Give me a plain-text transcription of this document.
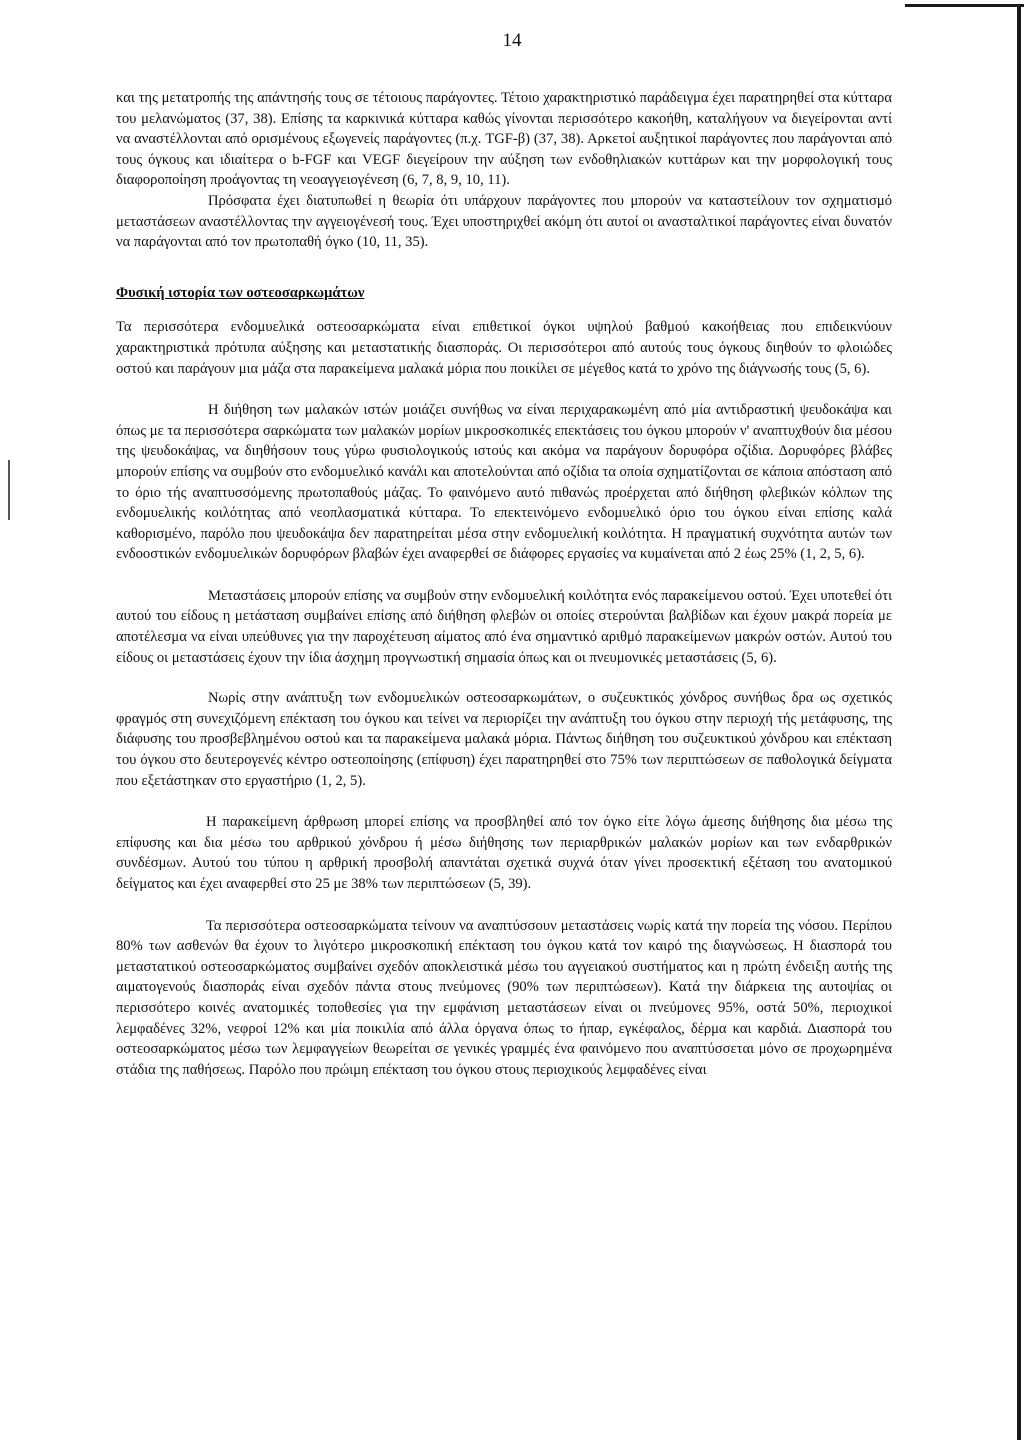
14

και της μετατροπής της απάντησής τους σε τέτοιους παράγοντες. Τέτοιο χαρακτηριστικό παράδειγμα έχει παρατηρηθεί στα κύτταρα του μελανώματος (37, 38). Επίσης τα καρκινικά κύτταρα καθώς γίνονται περισσότερο κακοήθη, καταλήγουν να διεγείρονται αντί να αναστέλλονται από ορισμένους εξωγενείς παράγοντες (π.χ. TGF-β) (37, 38). Αρκετοί αυξητικοί παράγοντες που παράγονται από τους όγκους και ιδιαίτερα ο b-FGF και VEGF διεγείρουν την αύξηση των ενδοθηλιακών κυττάρων και την μορφολογική τους διαφοροποίηση προάγοντας τη νεοαγγειογένεση (6, 7, 8, 9, 10, 11).

Πρόσφατα έχει διατυπωθεί η θεωρία ότι υπάρχουν παράγοντες που μπορούν να καταστείλουν τον σχηματισμό μεταστάσεων αναστέλλοντας την αγγειογένεσή τους. Έχει υποστηριχθεί ακόμη ότι αυτοί οι ανασταλτικοί παράγοντες είναι δυνατόν να παράγονται από τον πρωτοπαθή όγκο (10, 11, 35).

Φυσική ιστορία των οστεοσαρκωμάτων

Τα περισσότερα ενδομυελικά οστεοσαρκώματα είναι επιθετικοί όγκοι υψηλού βαθμού κακοήθειας που επιδεικνύουν χαρακτηριστικά πρότυπα αύξησης και μεταστατικής διασποράς. Οι περισσότεροι από αυτούς τους όγκους διηθούν το φλοιώδες οστού και παράγουν μια μάζα στα παρακείμενα μαλακά μόρια που ποικίλει σε μέγεθος κατά το χρόνο της διάγνωσής τους (5, 6).

Η διήθηση των μαλακών ιστών μοιάζει συνήθως να είναι περιχαρακωμένη από μία αντιδραστική ψευδοκάψα και όπως με τα περισσότερα σαρκώματα των μαλακών μορίων μικροσκοπικές επεκτάσεις του όγκου μπορούν ν' αναπτυχθούν δια μέσου της ψευδοκάψας, να διηθήσουν τους γύρω φυσιολογικούς ιστούς και ακόμα να παράγουν δορυφόρα οζίδια. Δορυφόρες βλάβες μπορούν επίσης να συμβούν στο ενδομυελικό κανάλι και αποτελούνται από οζίδια τα οποία σχηματίζονται σε κάποια απόσταση από το όριο τής αναπτυσσόμενης πρωτοπαθούς μάζας. Το φαινόμενο αυτό πιθανώς προέρχεται από διήθηση φλεβικών κόλπων της ενδομυελικής κοιλότητας από νεοπλασματικά κύτταρα. Το επεκτεινόμενο ενδομυελικό όριο του όγκου είναι επίσης καλά καθορισμένο, παρόλο που ψευδοκάψα δεν παρατηρείται μέσα στην ενδομυελική κοιλότητα. Η πραγματική συχνότητα αυτών των ενδοοστικών ενδομυελικών δορυφόρων βλαβών έχει αναφερθεί σε διάφορες εργασίες να κυμαίνεται από 2 έως 25% (1, 2, 5, 6).

Μεταστάσεις μπορούν επίσης να συμβούν στην ενδομυελική κοιλότητα ενός παρακείμενου οστού. Έχει υποτεθεί ότι αυτού του είδους η μετάσταση συμβαίνει επίσης από διήθηση φλεβών οι οποίες στερούνται βαλβίδων και έχουν μακρά πορεία με αποτέλεσμα να είναι υπεύθυνες για την παροχέτευση αίματος από ένα σημαντικό αριθμό παρακείμενων μακρών οστών. Αυτού του είδους οι μεταστάσεις έχουν την ίδια άσχημη προγνωστική σημασία όπως και οι πνευμονικές μεταστάσεις (5, 6).

Νωρίς στην ανάπτυξη των ενδομυελικών οστεοσαρκωμάτων, ο συζευκτικός χόνδρος συνήθως δρα ως σχετικός φραγμός στη συνεχιζόμενη επέκταση του όγκου και τείνει να περιορίζει την ανάπτυξη του όγκου στην περιοχή τής μετάφυσης, της διάφυσης του προσβεβλημένου οστού και τα παρακείμενα μαλακά μόρια. Πάντως διήθηση του συζευκτικού χόνδρου και επέκταση του όγκου στο δευτερογενές κέντρο οστεοποίησης (επίφυση) έχει παρατηρηθεί στο 75% των περιπτώσεων σε παθολογικά δείγματα που εξετάστηκαν στο εργαστήριο (1, 2, 5).

Η παρακείμενη άρθρωση μπορεί επίσης να προσβληθεί από τον όγκο είτε λόγω άμεσης διήθησης δια μέσω της επίφυσης και δια μέσω του αρθρικού χόνδρου ή μέσω διήθησης των περιαρθρικών μαλακών μορίων και των ενδαρθρικών συνδέσμων. Αυτού του τύπου η αρθρική προσβολή απαντάται σχετικά συχνά όταν γίνει προσεκτική εξέταση του ανατομικού δείγματος και έχει αναφερθεί στο 25 με 38% των περιπτώσεων (5, 39).

Τα περισσότερα οστεοσαρκώματα τείνουν να αναπτύσσουν μεταστάσεις νωρίς κατά την πορεία της νόσου. Περίπου 80% των ασθενών θα έχουν το λιγότερο μικροσκοπική επέκταση του όγκου κατά τον καιρό της διαγνώσεως. Η διασπορά του μεταστατικού οστεοσαρκώματος συμβαίνει σχεδόν αποκλειστικά μέσω του αγγειακού συστήματος και η πρώτη ένδειξη αυτής της αιματογενούς διασποράς είναι σχεδόν πάντα στους πνεύμονες (90% των περιπτώσεων). Κατά την διάρκεια της αυτοψίας οι περισσότερο κοινές ανατομικές τοποθεσίες για την εμφάνιση μεταστάσεων είναι οι πνεύμονες 95%, οστά 50%, περιοχικοί λεμφαδένες 32%, νεφροί 12% και μία ποικιλία από άλλα όργανα όπως το ήπαρ, εγκέφαλος, δέρμα και καρδιά. Διασπορά του οστεοσαρκώματος μέσω των λεμφαγγείων θεωρείται σε γενικές γραμμές ένα φαινόμενο που αναπτύσσεται μόνο σε προχωρημένα στάδια της παθήσεως. Παρόλο που πρώιμη επέκταση του όγκου στους περιοχικούς λεμφαδένες είναι
